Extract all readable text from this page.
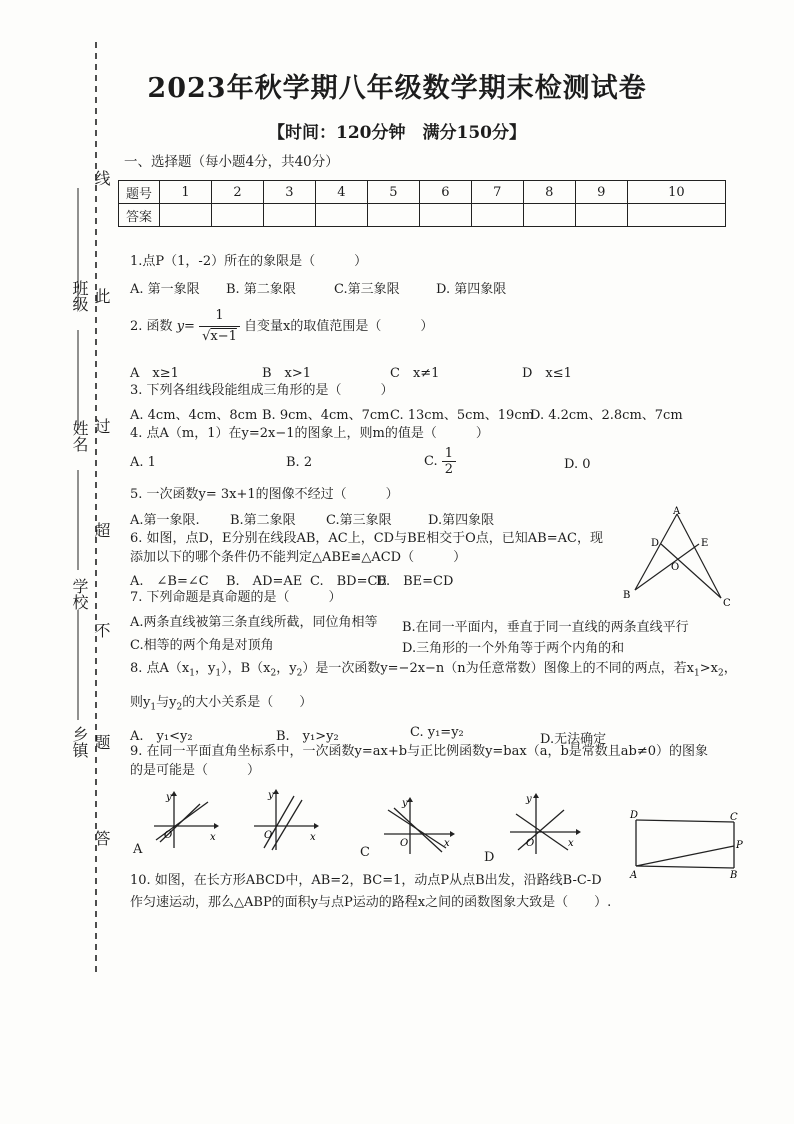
线
班级 此
姓名 过
超
学校
不
乡镇 题
答
2023年秋学期八年级数学期末检测试卷
【时间：120分钟　满分150分】
一、选择题（每小题4分，共40分）
题号	1	2	3	4	5	6	7	8	9	10
答案										
1.点P（1，-2）所在的象限是（　　　）
A. 第一象限 B. 第二象限	C.第三象限	D. 第四象限
2. 函数 $y= \frac{1}{√x-1}$ 自变量x的取值范围是（　　　）
A　x≥1	B　x>1	C　x≠1	D　x≤1
3. 下列各组线段能组成三角形的是（　　　）
A. 4cm、4cm、8cm B. 9cm、4cm、7cm C. 13cm、5cm、19cm
D. 4.2cm、2.8cm、7cm
4. 点A（m，1）在y=2x−1的图象上，则m的值是（　　　）
A. 1	B. 2	C. $\frac{1}{2}$	D. 0
5. 一次函数y= 3x+1的图像不经过（　　　）
A.第一象限. B.第二象限 C.第三象限	D.第四象限
6. 如图，点D，E分别在线段AB，AC上，CD与BE相交于O点，已知AB=AC，现
添加以下的哪个条件仍不能判定△ABE≌△ACD（　　　）
A.　∠B=∠C B.　AD=AE C.　BD=CE
D.　BE=CD
A
D	E
O
B
C
7. 下列命题是真命题的是（　　　）
A.两条直线被第三条直线所截，同位角相等 B.在同一平面内，垂直于同一直线的两条直线平行
C.相等的两个角是对顶角	D.三角形的一个外角等于两个内角的和
8. 点$A(x_1$，$y_1$），$B(x_2$，$y_2$）是一次函数y=−2x−n（n为任意常数）图像上的不同的两点，若$x_1>x_2$，
则$y_1$与$y_2$的大小关系是（　　）
A.　y₁<y₂	B.　y₁>y₂	C. y₁=y₂	D.无法确定
9. 在同一平面直角坐标系中，一次函数y=ax+b与正比例函数y=bax（a，b是常数且ab≠0）的图象
的是可能是（　　　）
y
x
O
A
y
x
O
y
x
O
C
y
x
O
D
D	C
P
A	B
10. 如图，在长方形ABCD中，AB=2，BC=1，动点P从点B出发，沿路线B-C-D
作匀速运动，那么△ABP的面积y与点P运动的路程x之间的函数图象大致是（　　）.
